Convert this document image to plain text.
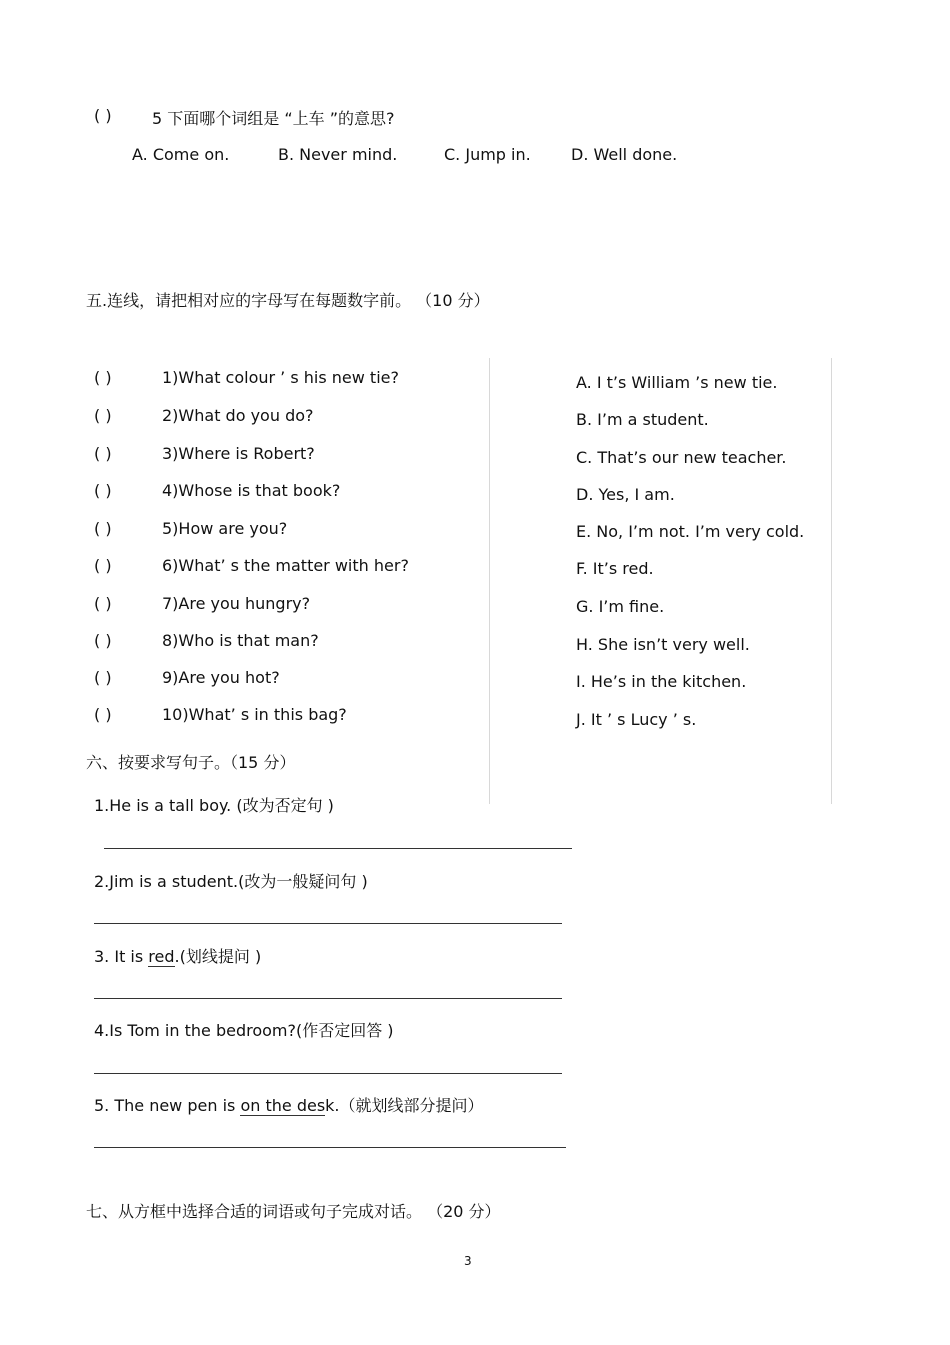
( )	5 下面哪个词组是 “上车 ”的意思?
A. Come on.	B. Never mind.	C. Jump in.	D. Well done.
五.连线，请把相对应的字母写在每题数字前。 （10 分）
( )	1)What colour ’ s his new tie?
( )	2)What do you do?
( )	3)Where is Robert?
( )	4)Whose is that book?
( )	5)How are you?
( )	6)What’ s the matter with her?
( )	7)Are you hungry?
( )	8)Who is that man?
( )	9)Are you hot?
( )	10)What’ s in this bag?
A. I t’s William ’s new tie.
B. I’m a student.
C. That’s our new teacher.
D. Yes, I am.
E. No, I’m not. I’m very cold.
F. It’s red.
G. I’m fine.
H. She isn’t very well.
I. He’s in the kitchen.
J. It ’ s Lucy ’ s.
六、按要求写句子。（15 分）
1.He is a tall boy. (改为否定句 )
2.Jim is a student.(改为一般疑问句 )
3. It is red.(划线提问 )
4.Is Tom in the bedroom?(作否定回答 )
5. The new pen is on the desk.（就划线部分提问）
七、从方框中选择合适的词语或句子完成对话。 （20 分）
3
